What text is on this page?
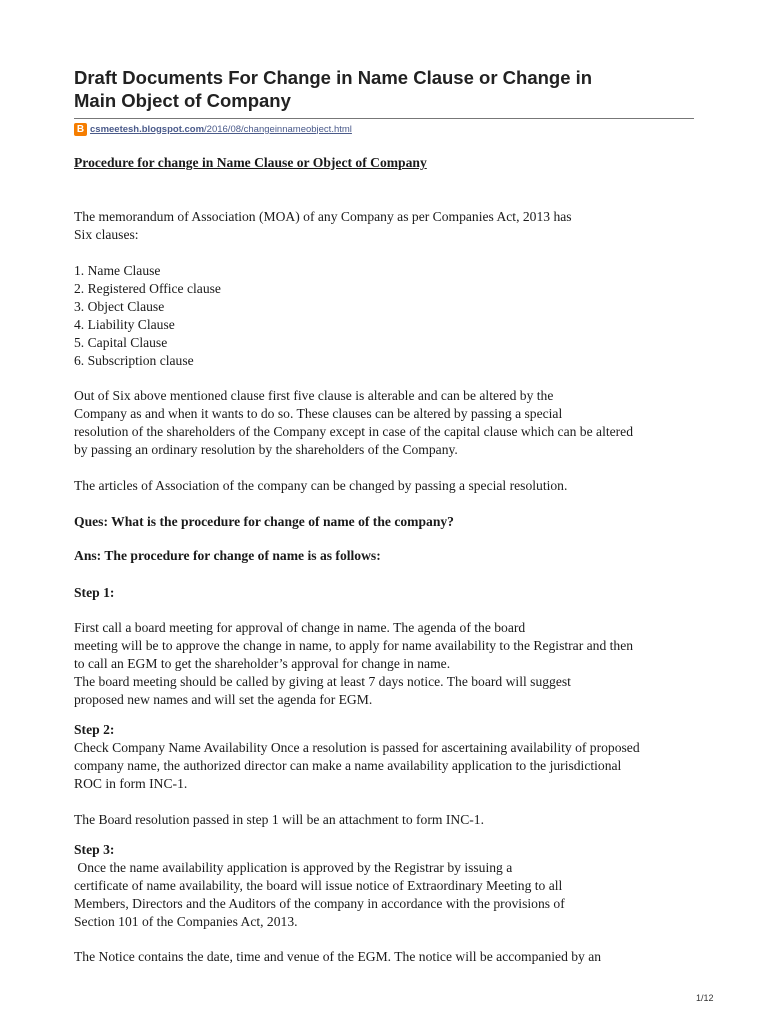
Draft Documents For Change in Name Clause or Change in
Main Object of Company
B csmeetesh.blogspot.com/2016/08/changeinnameobject.html
Procedure for change in Name Clause or Object of Company
The memorandum of Association (MOA) of any Company as per Companies Act, 2013 has
Six clauses:
1. Name Clause
2. Registered Office clause
3. Object Clause
4. Liability Clause
5. Capital Clause
6. Subscription clause
Out of Six above mentioned clause first five clause is alterable and can be altered by the
Company as and when it wants to do so. These clauses can be altered by passing a special
resolution of the shareholders of the Company except in case of the capital clause which can be altered
by passing an ordinary resolution by the shareholders of the Company.
The articles of Association of the company can be changed by passing a special resolution.
Ques: What is the procedure for change of name of the company?
Ans: The procedure for change of name is as follows:
Step 1:
First call a board meeting for approval of change in name. The agenda of the board
meeting will be to approve the change in name, to apply for name availability to the Registrar and then
to call an EGM to get the shareholder’s approval for change in name.
The board meeting should be called by giving at least 7 days notice. The board will suggest
proposed new names and will set the agenda for EGM.
Step 2:
Check Company Name Availability Once a resolution is passed for ascertaining availability of proposed
company name, the authorized director can make a name availability application to the jurisdictional
ROC in form INC-1.
The Board resolution passed in step 1 will be an attachment to form INC-1.
Step 3:
Once the name availability application is approved by the Registrar by issuing a
certificate of name availability, the board will issue notice of Extraordinary Meeting to all
Members, Directors and the Auditors of the company in accordance with the provisions of
Section 101 of the Companies Act, 2013.
The Notice contains the date, time and venue of the EGM. The notice will be accompanied by an
1/12
